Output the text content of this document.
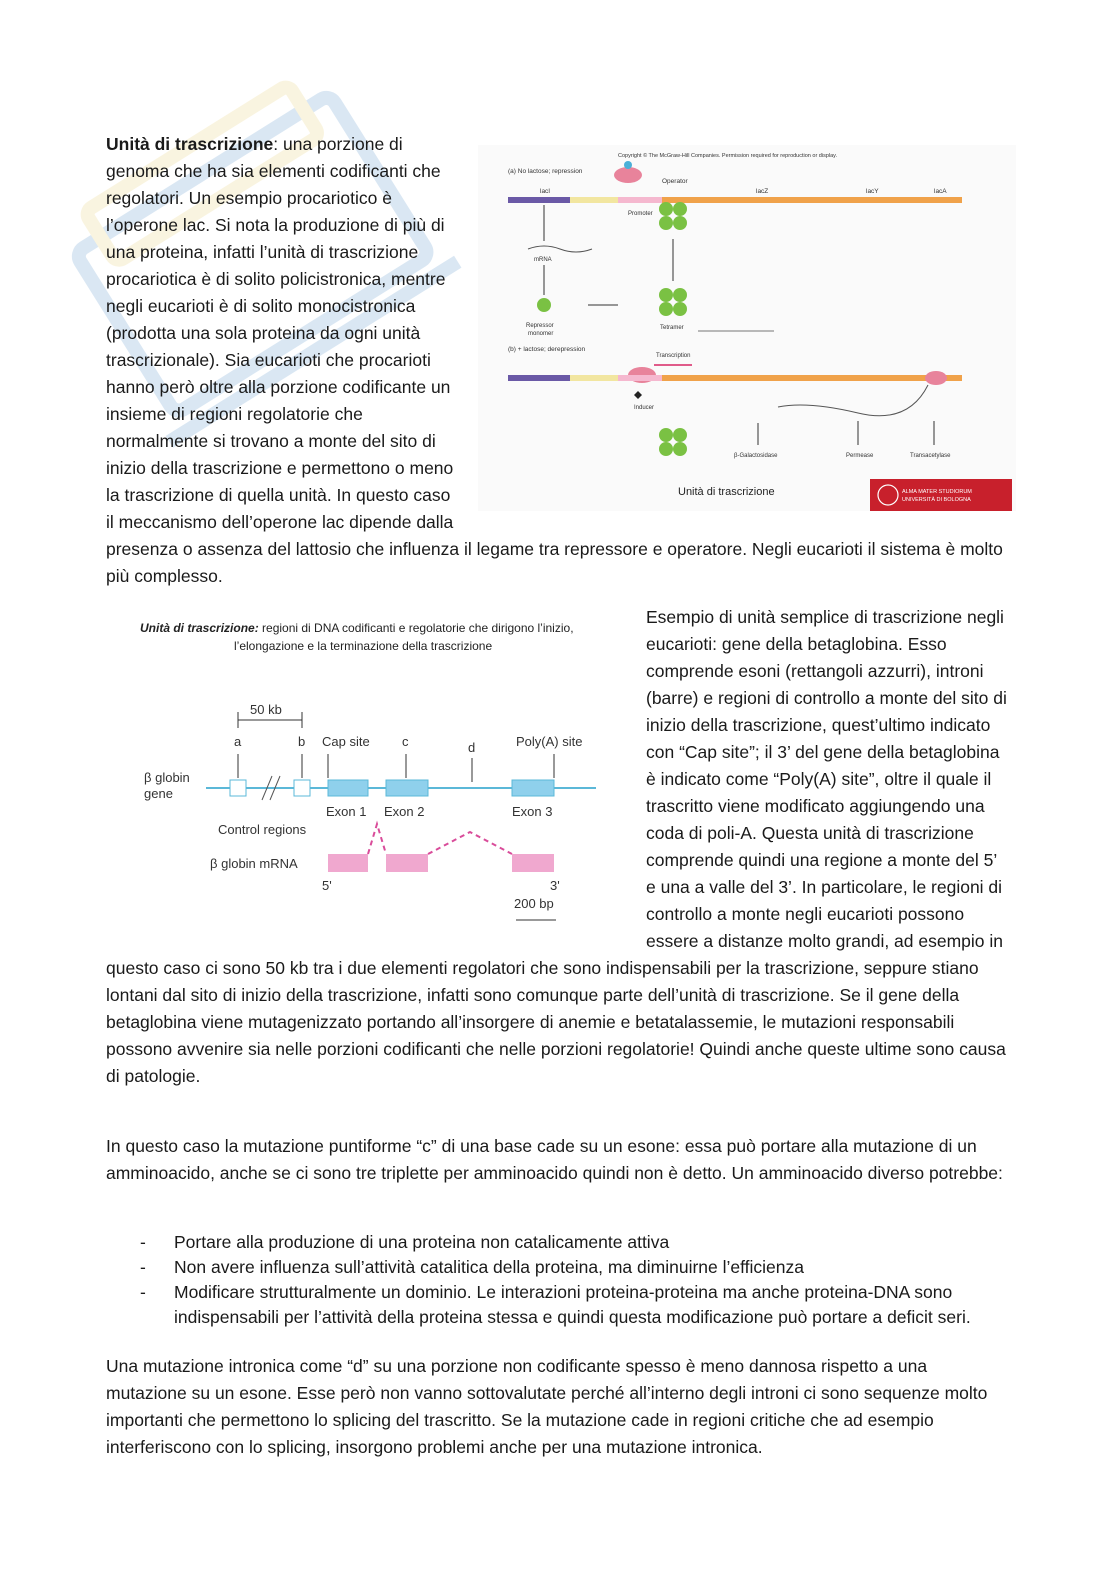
Copyright © The McGraw-Hill Companies. Permission required for reproduction or display.
(a) No lactose; repression
lacI	lacZ	lacY	lacA
Operator
Promoter
mRNA
Repressor
monomer
Tetramer
(b) + lactose; derepression
Transcription
Inducer
β-Galactosidase	Permease	Transacetylase
Unità di trascrizione	ALMA MATER STUDIORUM
UNIVERSITÀ DI BOLOGNA
Unità di trascrizione: una porzione di genoma che ha sia elementi codificanti che regolatori. Un esempio procariotico è l’operone lac. Si nota la produzione di più di una proteina, infatti l’unità di trascrizione procariotica è di solito policistronica, mentre negli eucarioti è di solito monocistronica (prodotta una sola proteina da ogni unità trascrizionale). Sia eucarioti che procarioti hanno però oltre alla porzione codificante un insieme di regioni regolatorie che normalmente si trovano a monte del sito di inizio della trascrizione e permettono o meno la trascrizione di quella unità. In questo caso il meccanismo dell’operone lac dipende dalla presenza o assenza del lattosio che influenza il legame tra repressore e operatore. Negli eucarioti il sistema è molto più complesso.
Unità di trascrizione: regioni di DNA codificanti e regolatorie che dirigono l’inizio,
l’elongazione e la terminazione della trascrizione
50 kb
a	b Cap site c	d	Poly(A) site
β globin
gene
Exon 1 Exon 2	Exon 3
Control regions
β globin mRNA
5'	3'
200 bp
Esempio di unità semplice di trascrizione negli eucarioti: gene della betaglobina. Esso comprende esoni (rettangoli azzurri), introni (barre) e regioni di controllo a monte del sito di inizio della trascrizione, quest’ultimo indicato con “Cap site”; il 3’ del gene della betaglobina è indicato come “Poly(A) site”, oltre il quale il trascritto viene modificato aggiungendo una coda di poli-A. Questa unità di trascrizione comprende quindi una regione a monte del 5’ e una a valle del 3’. In particolare, le regioni di controllo a monte negli eucarioti possono essere a distanze molto grandi, ad esempio in questo caso ci sono 50 kb tra i due elementi regolatori che sono indispensabili per la trascrizione, seppure stiano lontani dal sito di inizio della trascrizione, infatti sono comunque parte dell’unità di trascrizione. Se il gene della betaglobina viene mutagenizzato portando all’insorgere di anemie e betatalassemie, le mutazioni responsabili possono avvenire sia nelle porzioni codificanti che nelle porzioni regolatorie! Quindi anche queste ultime sono causa di patologie.
In questo caso la mutazione puntiforme “c” di una base cade su un esone: essa può portare alla mutazione di un amminoacido, anche se ci sono tre triplette per amminoacido quindi non è detto. Un amminoacido diverso potrebbe:
- Portare alla produzione di una proteina non catalicamente attiva
- Non avere influenza sull’attività catalitica della proteina, ma diminuirne l’efficienza
- Modificare strutturalmente un dominio. Le interazioni proteina-proteina ma anche proteina-DNA sono indispensabili per l’attività della proteina stessa e quindi questa modificazione può portare a deficit seri.
Una mutazione intronica come “d” su una porzione non codificante spesso è meno dannosa rispetto a una mutazione su un esone. Esse però non vanno sottovalutate perché all’interno degli introni ci sono sequenze molto importanti che permettono lo splicing del trascritto. Se la mutazione cade in regioni critiche che ad esempio interferiscono con lo splicing, insorgono problemi anche per una mutazione intronica.
